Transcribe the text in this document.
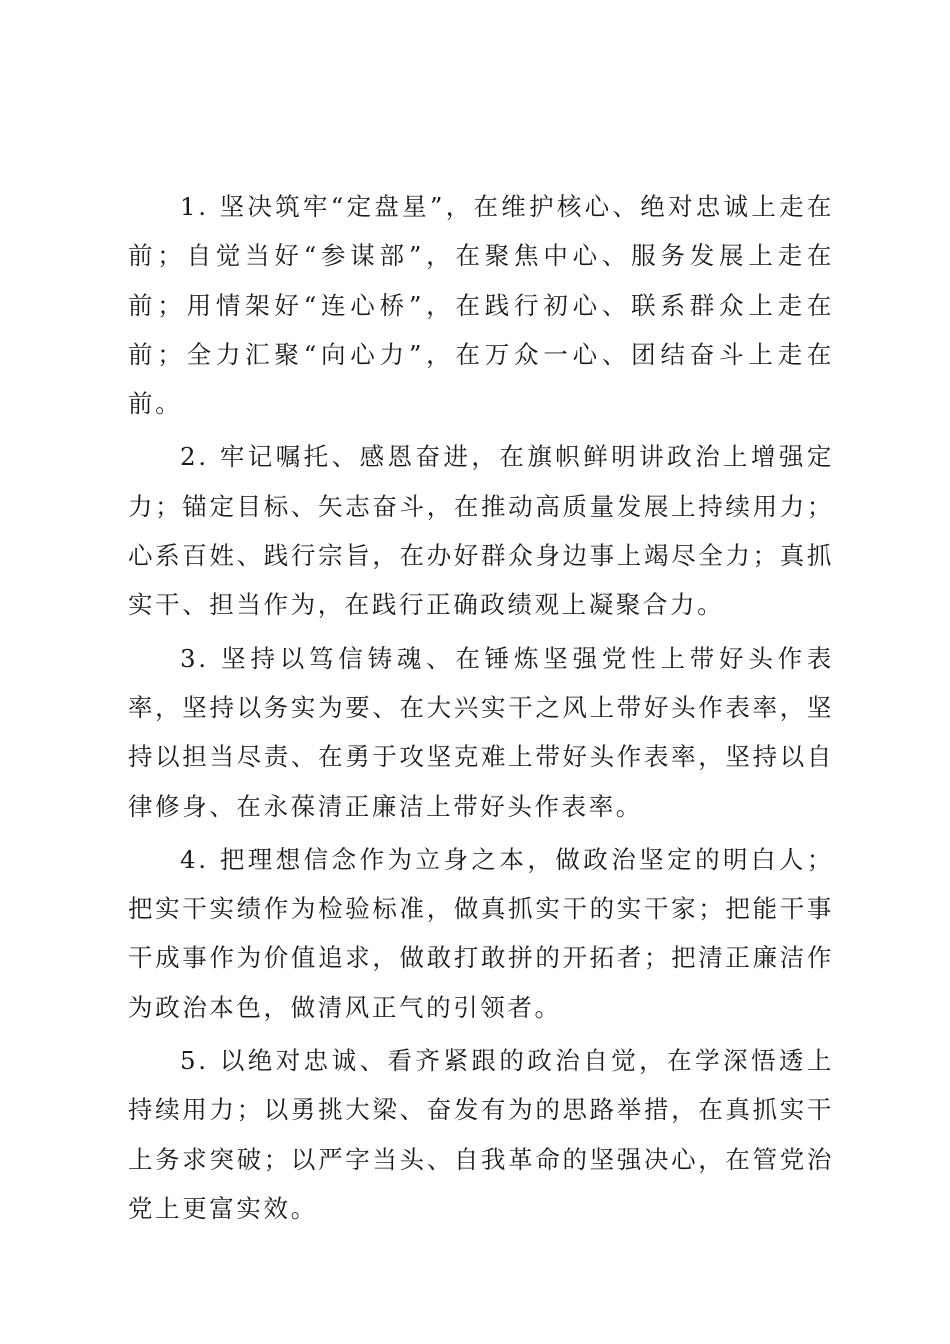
1. 坚决筑牢“定盘星”，在维护核心、绝对忠诚上走在前；自觉当好“参谋部”，在聚焦中心、服务发展上走在前；用情架好“连心桥”，在践行初心、联系群众上走在前；全力汇聚“向心力”，在万众一心、团结奋斗上走在前。

2. 牢记嘱托、感恩奋进，在旗帜鲜明讲政治上增强定力；锚定目标、矢志奋斗，在推动高质量发展上持续用力；心系百姓、践行宗旨，在办好群众身边事上竭尽全力；真抓实干、担当作为，在践行正确政绩观上凝聚合力。

3. 坚持以笃信铸魂、在锤炼坚强党性上带好头作表率，坚持以务实为要、在大兴实干之风上带好头作表率，坚持以担当尽责、在勇于攻坚克难上带好头作表率，坚持以自律修身、在永葆清正廉洁上带好头作表率。

4. 把理想信念作为立身之本，做政治坚定的明白人；把实干实绩作为检验标准，做真抓实干的实干家；把能干事干成事作为价值追求，做敢打敢拼的开拓者；把清正廉洁作为政治本色，做清风正气的引领者。

5. 以绝对忠诚、看齐紧跟的政治自觉，在学深悟透上持续用力；以勇挑大梁、奋发有为的思路举措，在真抓实干上务求突破；以严字当头、自我革命的坚强决心，在管党治党上更富实效。
